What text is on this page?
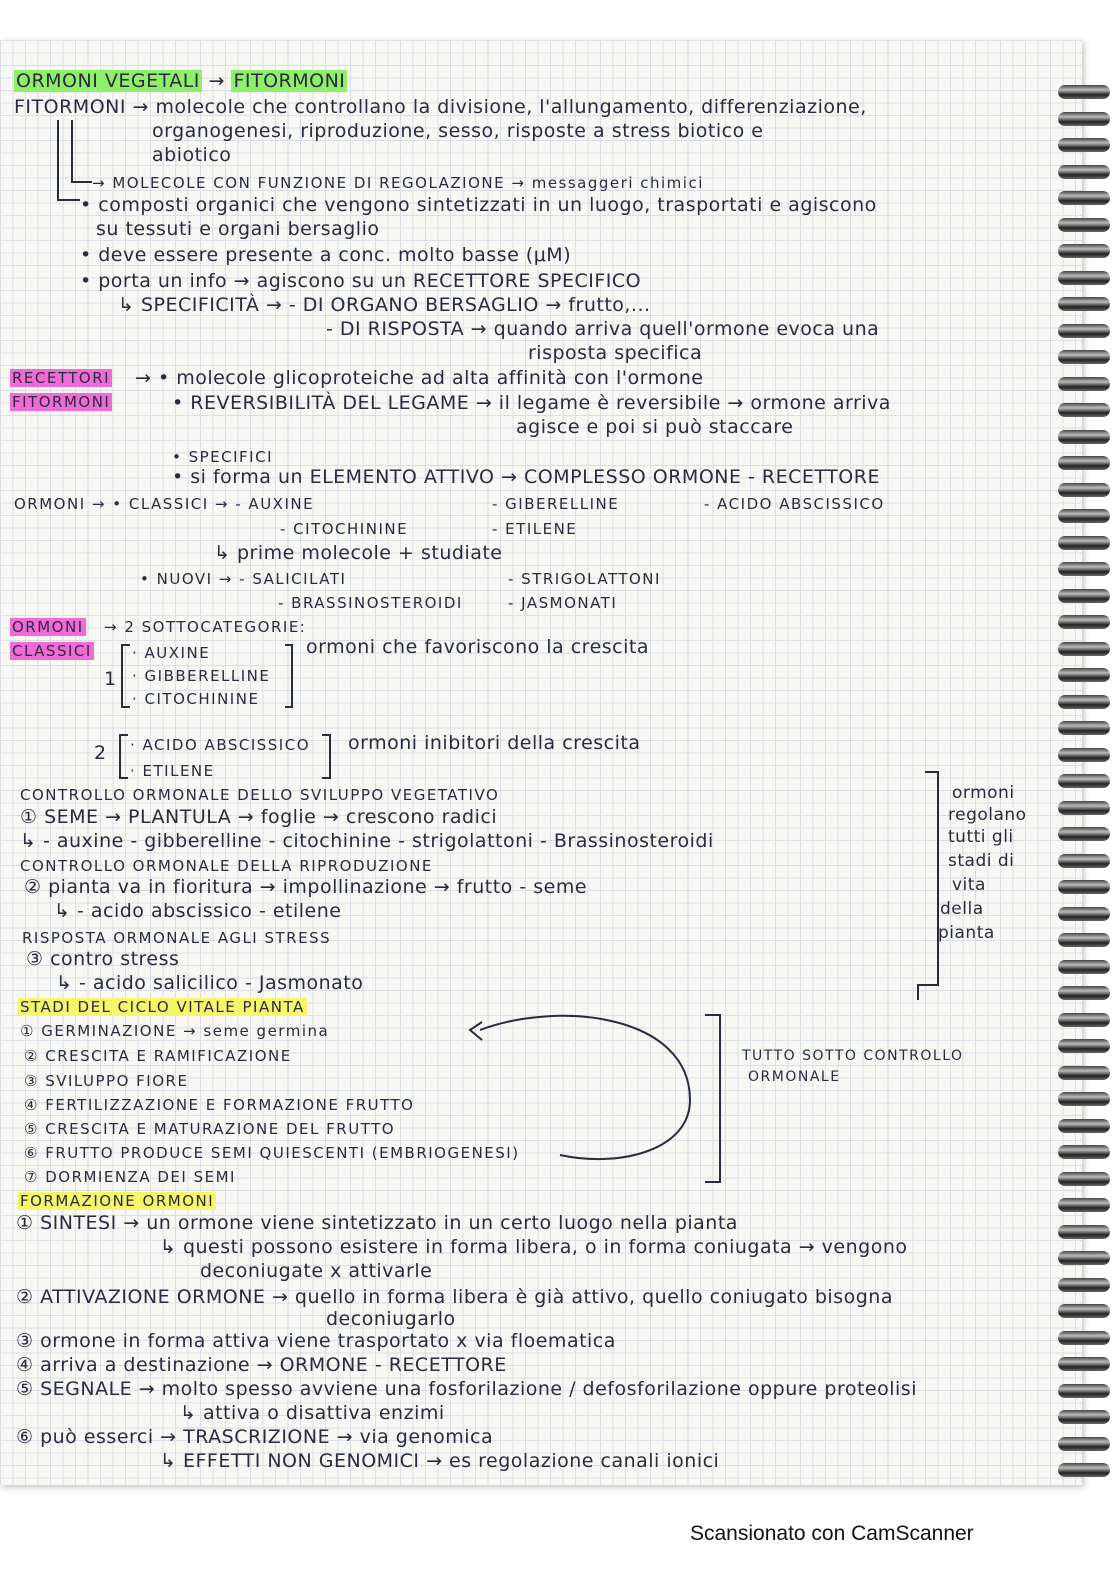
ORMONI VEGETALI → FITORMONI
FITORMONI → molecole che controllano la divisione, l'allungamento, differenziazione,
organogenesi, riproduzione, sesso, risposte a stress biotico e
abiotico
→ MOLECOLE CON FUNZIONE DI REGOLAZIONE → messaggeri chimici
• composti organici che vengono sintetizzati in un luogo, trasportati e agiscono
su tessuti e organi bersaglio
• deve essere presente a conc. molto basse (μM)
• porta un info → agiscono su un RECETTORE SPECIFICO
↳ SPECIFICITÀ → - DI ORGANO BERSAGLIO → frutto,...
- DI RISPOSTA → quando arriva quell'ormone evoca una
risposta specifica
RECETTORI
FITORMONI
→ • molecole glicoproteiche ad alta affinità con l'ormone
• REVERSIBILITÀ DEL LEGAME → il legame è reversibile → ormone arriva
agisce e poi si può staccare
• SPECIFICI
• si forma un ELEMENTO ATTIVO → COMPLESSO ORMONE - RECETTORE
ORMONI → • CLASSICI → - AUXINE	- GIBERELLINE	- ACIDO ABSCISSICO
- CITOCHININE	- ETILENE
↳ prime molecole + studiate
• NUOVI → - SALICILATI	- STRIGOLATTONI
- BRASSINOSTEROIDI	- JASMONATI
ORMONI
CLASSICI
→ 2 SOTTOCATEGORIE:
1
· AUXINE
· GIBBERELLINE
· CITOCHININE
ormoni che favoriscono la crescita
2 · ACIDO ABSCISSICO
· ETILENE
ormoni inibitori della crescita
CONTROLLO ORMONALE DELLO SVILUPPO VEGETATIVO
① SEME → PLANTULA → foglie → crescono radici
↳ - auxine - gibberelline - citochinine - strigolattoni - Brassinosteroidi
CONTROLLO ORMONALE DELLA RIPRODUZIONE
② pianta va in fioritura → impollinazione → frutto - seme
↳ - acido abscissico - etilene
RISPOSTA ORMONALE AGLI STRESS
③ contro stress
↳ - acido salicilico - Jasmonato
ormoni
regolano
tutti gli
stadi di
vita
della
pianta
STADI DEL CICLO VITALE PIANTA
① GERMINAZIONE → seme germina
② CRESCITA E RAMIFICAZIONE
③ SVILUPPO FIORE
④ FERTILIZZAZIONE E FORMAZIONE FRUTTO
⑤ CRESCITA E MATURAZIONE DEL FRUTTO
⑥ FRUTTO PRODUCE SEMI QUIESCENTI (EMBRIOGENESI)
⑦ DORMIENZA DEI SEMI
TUTTO SOTTO CONTROLLO
ORMONALE
FORMAZIONE ORMONI
① SINTESI → un ormone viene sintetizzato in un certo luogo nella pianta
↳ questi possono esistere in forma libera, o in forma coniugata → vengono
deconiugate x attivarle
② ATTIVAZIONE ORMONE → quello in forma libera è già attivo, quello coniugato bisogna
deconiugarlo
③ ormone in forma attiva viene trasportato x via floematica
④ arriva a destinazione → ORMONE - RECETTORE
⑤ SEGNALE → molto spesso avviene una fosforilazione / defosforilazione oppure proteolisi
↳ attiva o disattiva enzimi
⑥ può esserci → TRASCRIZIONE → via genomica
↳ EFFETTI NON GENOMICI → es regolazione canali ionici
Scansionato con CamScanner
